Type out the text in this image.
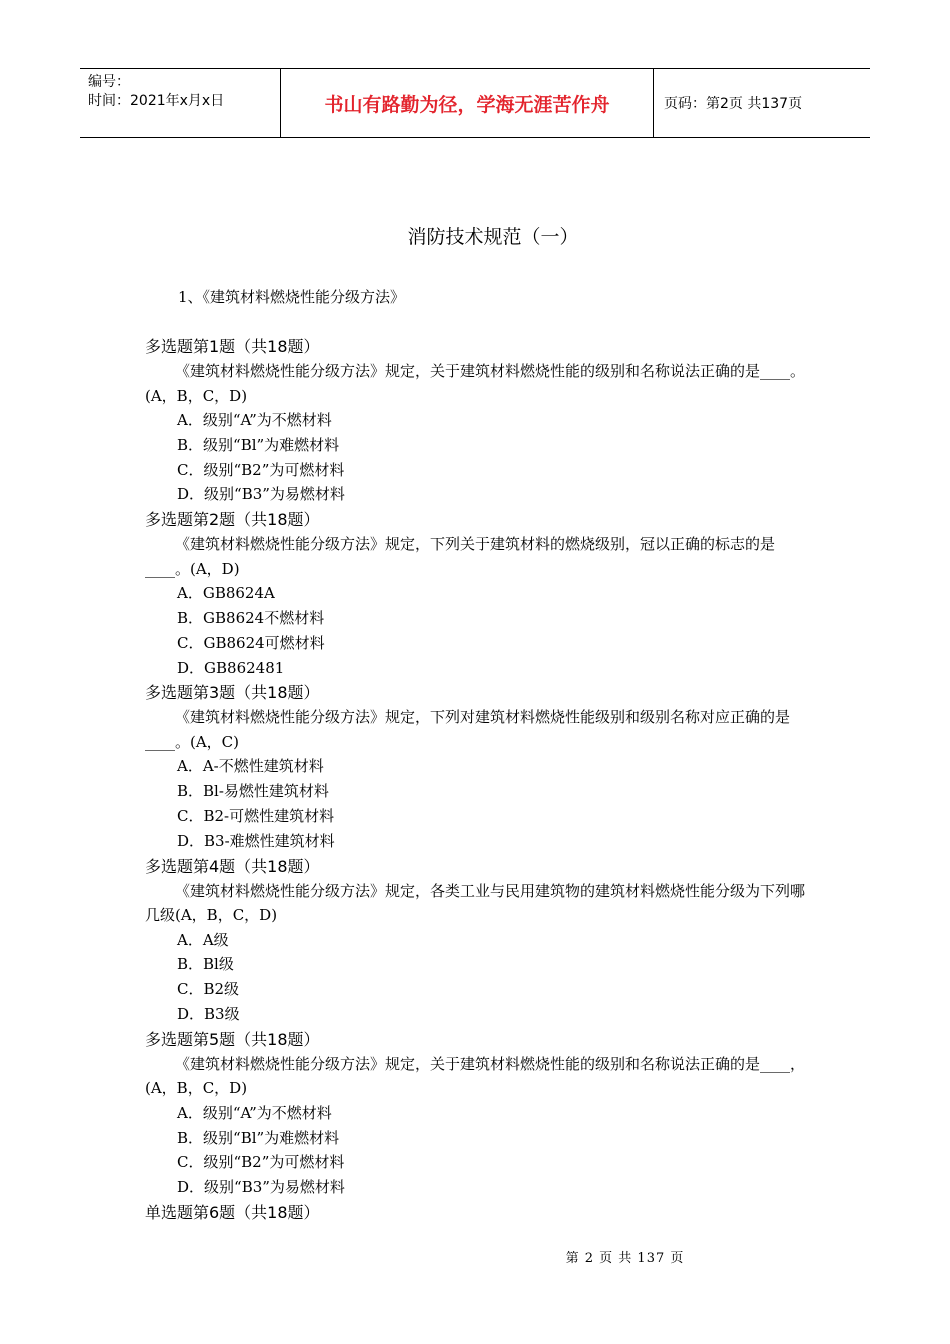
编号：
时间：2021年x月x日	书山有路勤为径，学海无涯苦作舟	页码：第2页 共137页
消防技术规范（一）
1、《建筑材料燃烧性能分级方法》
多选题第1题（共18题）
《建筑材料燃烧性能分级方法》规定，关于建筑材料燃烧性能的级别和名称说法正确的是____。(A，B，C，D)
A．级别“A”为不燃材料
B．级别“Bl”为难燃材料
C．级别“B2”为可燃材料
D．级别“B3”为易燃材料
多选题第2题（共18题）
《建筑材料燃烧性能分级方法》规定，下列关于建筑材料的燃烧级别，冠以正确的标志的是____。(A，D)
A．GB8624A
B．GB8624不燃材料
C．GB8624可燃材料
D．GB862481
多选题第3题（共18题）
《建筑材料燃烧性能分级方法》规定，下列对建筑材料燃烧性能级别和级别名称对应正确的是____。(A，C)
A．A-不燃性建筑材料
B．Bl-易燃性建筑材料
C．B2-可燃性建筑材料
D．B3-难燃性建筑材料
多选题第4题（共18题）
《建筑材料燃烧性能分级方法》规定，各类工业与民用建筑物的建筑材料燃烧性能分级为下列哪几级(A，B，C，D)
A．A级
B．Bl级
C．B2级
D．B3级
多选题第5题（共18题）
《建筑材料燃烧性能分级方法》规定，关于建筑材料燃烧性能的级别和名称说法正确的是____，(A，B，C，D)
A．级别“A”为不燃材料
B．级别“Bl”为难燃材料
C．级别“B2”为可燃材料
D．级别“B3”为易燃材料
单选题第6题（共18题）
第 2 页 共 137 页
